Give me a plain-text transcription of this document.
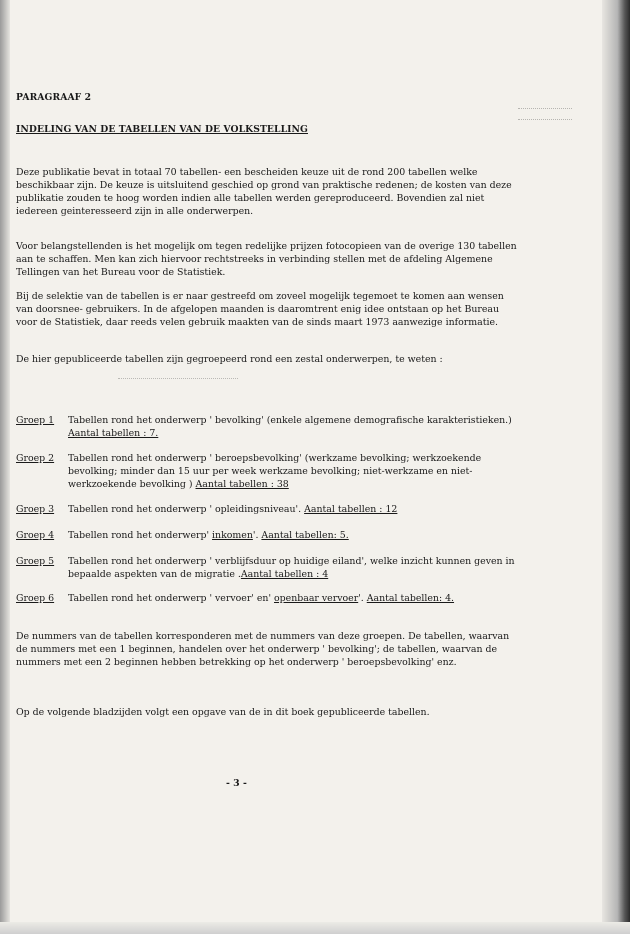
PARAGRAAF 2
INDELING VAN DE TABELLEN VAN DE VOLKSTELLING

Deze publikatie bevat in totaal 70 tabellen- een bescheiden keuze uit de rond 200 tabellen welke beschikbaar zijn. De keuze is uitsluitend geschied op grond van praktische redenen; de kosten van deze publikatie zouden te hoog worden indien alle tabellen werden gereproduceerd. Bovendien zal niet iedereen geinteresseerd zijn in alle onderwerpen.

Voor belangstellenden is het mogelijk om tegen redelijke prijzen fotocopieen van de overige 130 tabellen aan te schaffen. Men kan zich hiervoor rechtstreeks in verbinding stellen met de afdeling Algemene Tellingen van het Bureau voor de Statistiek.

Bij de selektie van de tabellen is er naar gestreefd om zoveel mogelijk tegemoet te komen aan wensen van doorsnee- gebruikers. In de afgelopen maanden is daaromtrent enig idee ontstaan op het Bureau voor de Statistiek, daar reeds velen gebruik maakten van de sinds maart 1973 aanwezige informatie.

De hier gepubliceerde tabellen zijn gegroepeerd rond een zestal onderwerpen, te weten :

Groep 1 Tabellen rond het onderwerp ' bevolking' (enkele algemene demografische karakteristieken.) Aantal tabellen : 7.
Groep 2 Tabellen rond het onderwerp ' beroepsbevolking' (werkzame bevolking; werkzoekende bevolking; minder dan 15 uur per week werkzame bevolking; niet-werkzame en niet-werkzoekende bevolking ) Aantal tabellen : 38
Groep 3 Tabellen rond het onderwerp ' opleidingsniveau'. Aantal tabellen : 12
Groep 4 Tabellen rond het onderwerp' inkomen'. Aantal tabellen: 5.
Groep 5 Tabellen rond het onderwerp ' verblijfsduur op huidige eiland', welke inzicht kunnen geven in bepaalde aspekten van de migratie .Aantal tabellen : 4
Groep 6 Tabellen rond het onderwerp ' vervoer' en' openbaar vervoer'. Aantal tabellen: 4.

De nummers van de tabellen korresponderen met de nummers van deze groepen. De tabellen, waarvan de nummers met een 1 beginnen, handelen over het onderwerp ' bevolking'; de tabellen, waarvan de nummers met een 2 beginnen hebben betrekking op het onderwerp ' beroepsbevolking' enz.

Op de volgende bladzijden volgt een opgave van de in dit boek gepubliceerde tabellen.

- 3 -
